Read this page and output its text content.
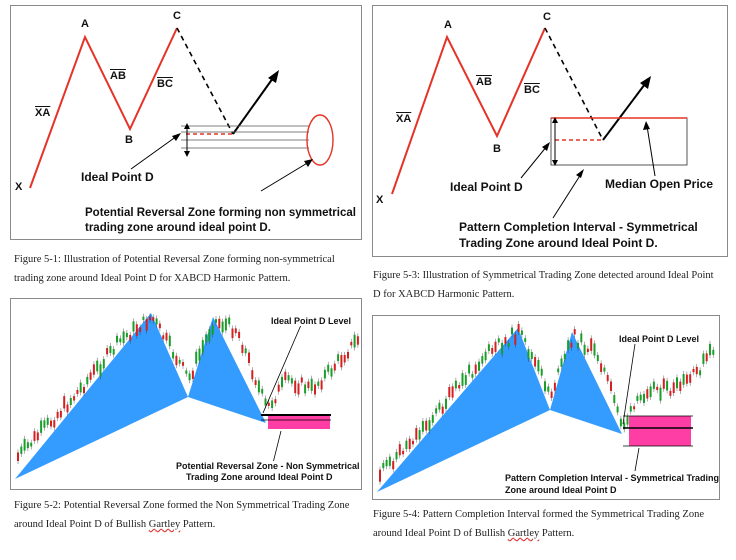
X
A
B
C
$\overline{XA}$
$\overline{AB}$
$\overline{BC}$
Ideal Point D
Potential Reversal Zone forming non symmetrical
trading zone around ideal point D.
Figure 5-1: Illustration of Potential Reversal Zone forming non-symmetrical
trading zone around Ideal Point D for XABCD Harmonic Pattern.
X
A
B
C
$\overline{XA}$
$\overline{AB}$
$\overline{BC}$
Ideal Point D	Median Open Price
Pattern Completion Interval - Symmetrical
Trading Zone around Ideal Point D.
Figure 5-3: Illustration of Symmetrical Trading Zone detected around Ideal Point
D for XABCD Harmonic Pattern.
Ideal Point D Level
Potential Reversal Zone - Non Symmetrical
Trading Zone around Ideal Point D
Figure 5-2: Potential Reversal Zone formed the Non Symmetrical Trading Zone
around Ideal Point D of Bullish Gartley Pattern.
Ideal Point D Level
Pattern Completion Interval - Symmetrical Trading
Zone around Ideal Point D
Figure 5-4: Pattern Completion Interval formed the Symmetrical Trading Zone
around Ideal Point D of Bullish Gartley Pattern.
